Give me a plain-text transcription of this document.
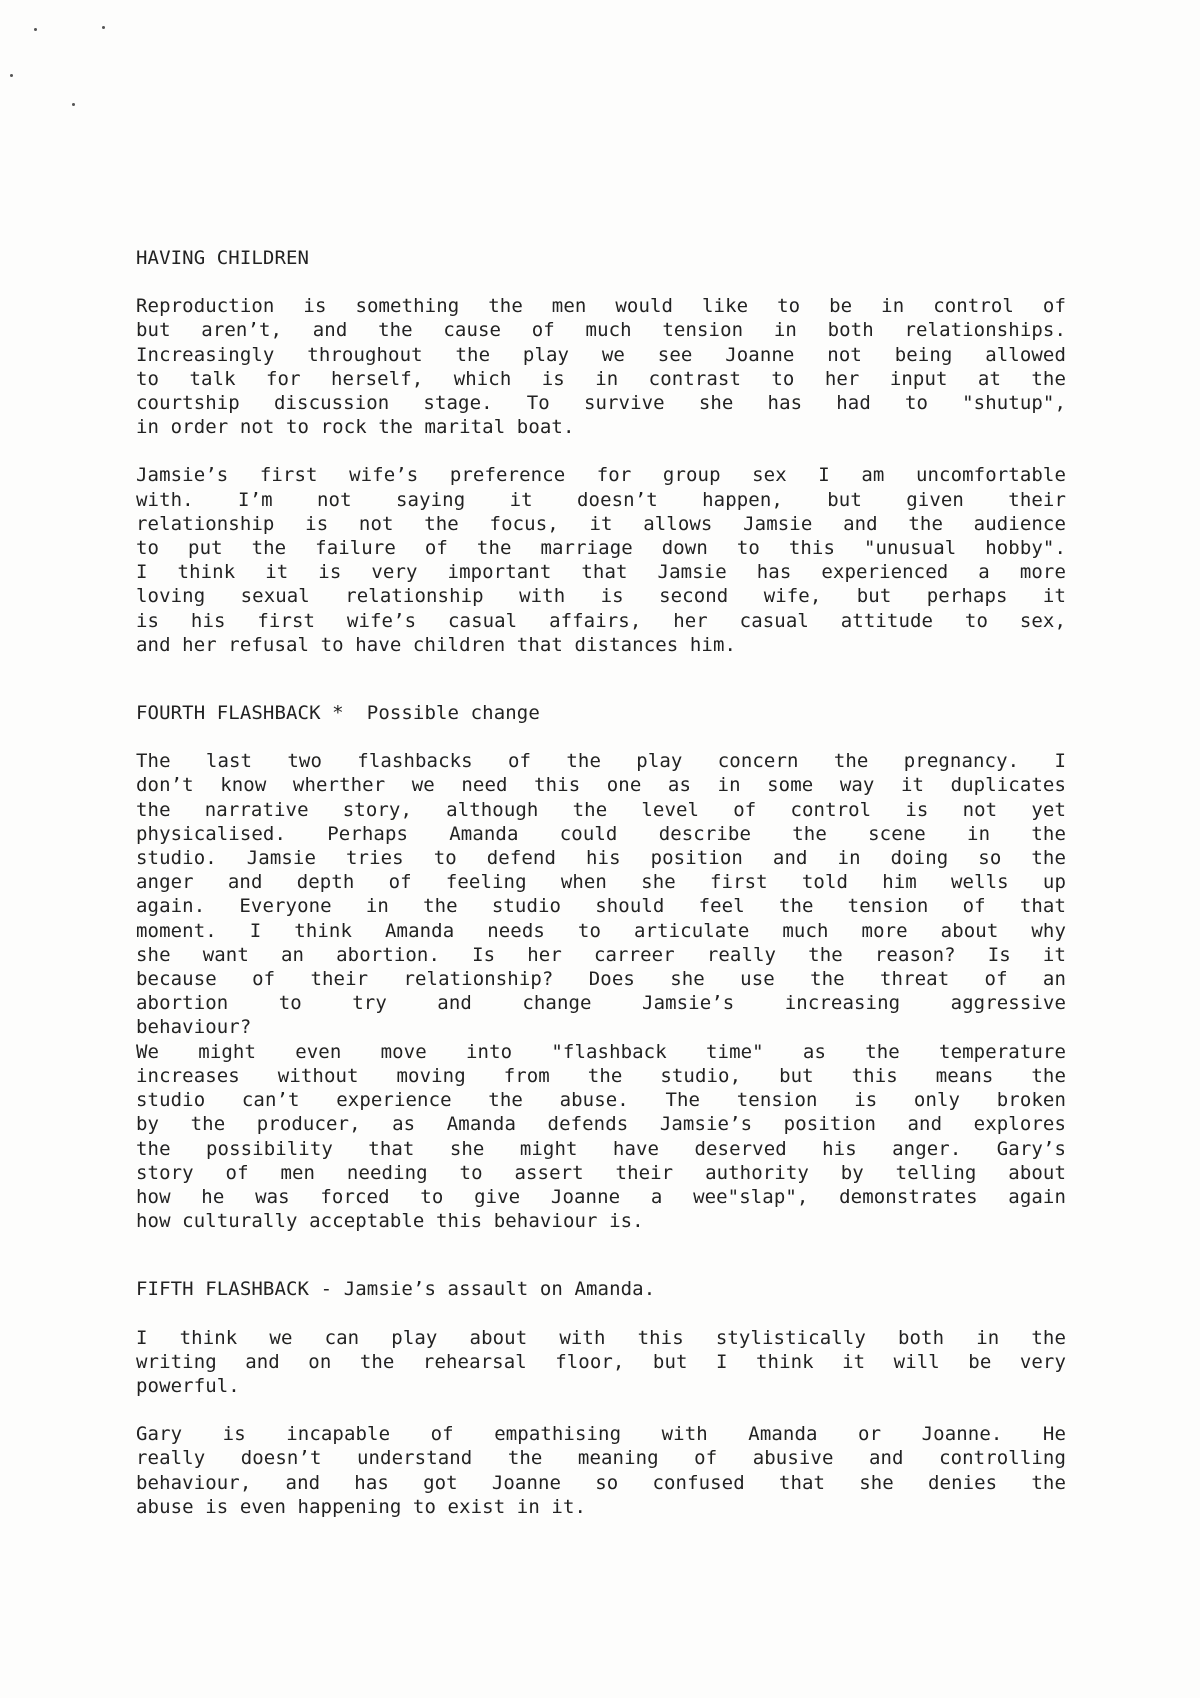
HAVING CHILDREN
Reproduction is something the men would like to be in control of
but aren’t, and the cause of much tension in both relationships.
Increasingly throughout the play we see Joanne not being allowed
to talk for herself, which is in contrast to her input at the
courtship discussion stage. To survive she has had to "shutup",
in order not to rock the marital boat.
Jamsie’s first wife’s preference for group sex I am uncomfortable
with. I’m not saying it doesn’t happen, but given their
relationship is not the focus, it allows Jamsie and the audience
to put the failure of the marriage down to this "unusual hobby".
I think it is very important that Jamsie has experienced a more
loving sexual relationship with is second wife, but perhaps it
is his first wife’s casual affairs, her casual attitude to sex,
and her refusal to have children that distances him.
FOURTH FLASHBACK *  Possible change
The last two flashbacks of the play concern the pregnancy. I
don’t know wherther we need this one as in some way it duplicates
the narrative story, although the level of control is not yet
physicalised. Perhaps Amanda could describe the scene in the
studio. Jamsie tries to defend his position and in doing so the
anger and depth of feeling when she first told him wells up
again. Everyone in the studio should feel the tension of that
moment. I think Amanda needs to articulate much more about why
she want an abortion. Is her carreer really the reason? Is it
because of their relationship? Does she use the threat of an
abortion to try and change Jamsie’s increasing aggressive
behaviour?
We might even move into "flashback time" as the temperature
increases without moving from the studio, but this means the
studio can’t experience the abuse. The tension is only broken
by the producer, as Amanda defends Jamsie’s position and explores
the possibility that she might have deserved his anger. Gary’s
story of men needing to assert their authority by telling about
how he was forced to give Joanne a wee"slap", demonstrates again
how culturally acceptable this behaviour is.
FIFTH FLASHBACK - Jamsie’s assault on Amanda.
I think we can play about with this stylistically both in the
writing and on the rehearsal floor, but I think it will be very
powerful.
Gary is incapable of empathising with Amanda or Joanne. He
really doesn’t understand the meaning of abusive and controlling
behaviour, and has got Joanne so confused that she denies the
abuse is even happening to exist in it.
